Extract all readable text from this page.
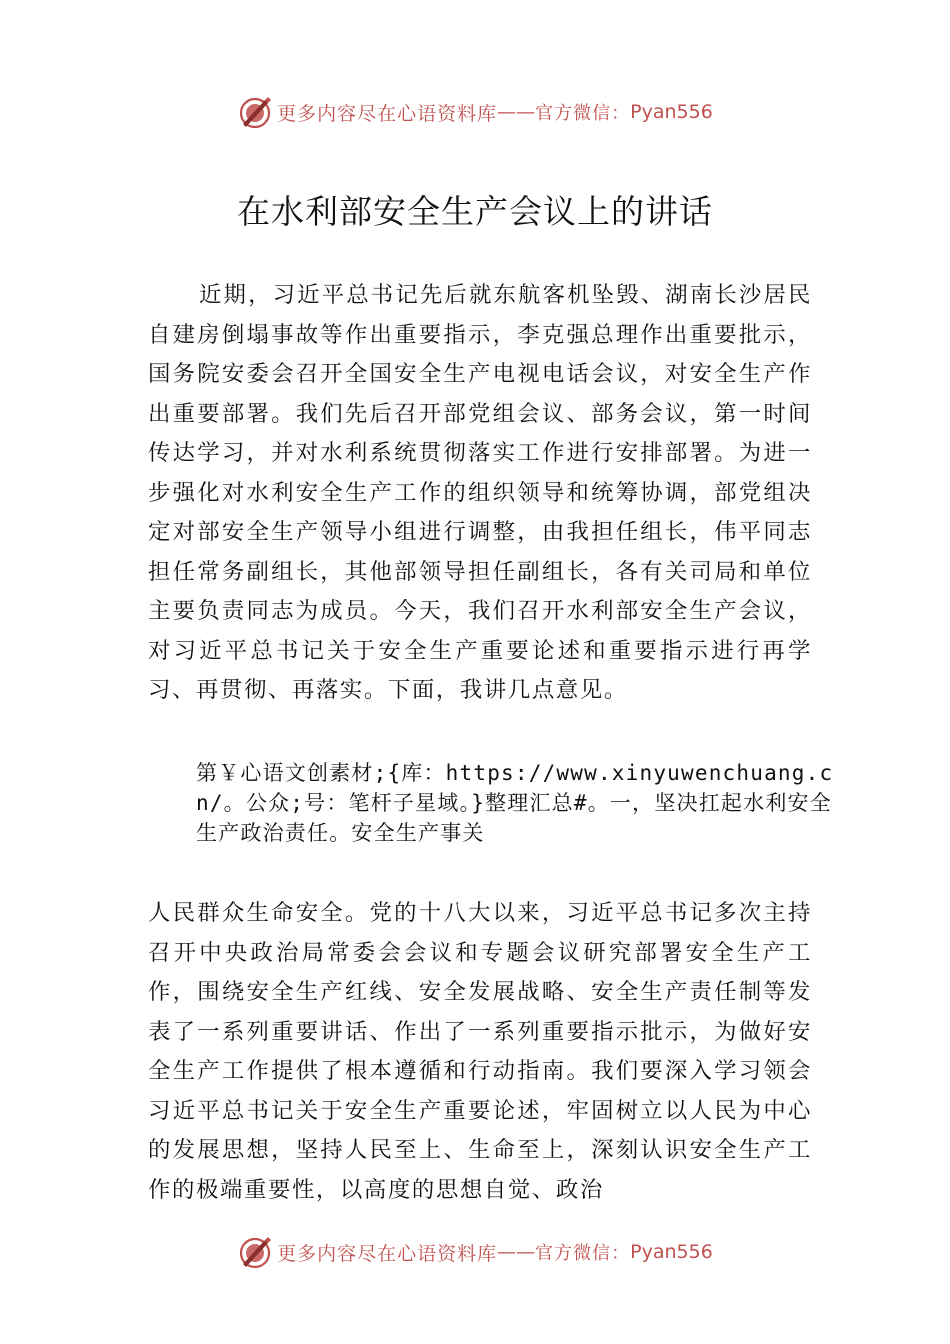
更多内容尽在心语资料库 —— 官方微信： Pyan556
在水利部安全生产会议上的讲话
近期，习近平总书记先后就东航客机坠毁、湖南长沙居民自建房倒塌事故等作出重要指示，李克强总理作出重要批示，国务院安委会召开全国安全生产电视电话会议，对安全生产作出重要部署。我们先后召开部党组会议、部务会议，第一时间传达学习，并对水利系统贯彻落实工作进行安排部署。为进一步强化对水利安全生产工作的组织领导和统筹协调，部党组决定对部安全生产领导小组进行调整，由我担任组长，伟平同志担任常务副组长，其他部领导担任副组长，各有关司局和单位主要负责同志为成员。今天，我们召开水利部安全生产会议，对习近平总书记关于安全生产重要论述和重要指示进行再学习、再贯彻、再落实。下面，我讲几点意见。
第￥心语文创素材;{库：https://www.xinyuwenchuang.cn/。公众;号：笔杆子星域。}整理汇总#。一，坚决扛起水利安全生产政治责任。安全生产事关
人民群众生命安全。党的十八大以来，习近平总书记多次主持召开中央政治局常委会会议和专题会议研究部署安全生产工作，围绕安全生产红线、安全发展战略、安全生产责任制等发表了一系列重要讲话、作出了一系列重要指示批示，为做好安全生产工作提供了根本遵循和行动指南。我们要深入学习领会习近平总书记关于安全生产重要论述，牢固树立以人民为中心的发展思想，坚持人民至上、生命至上，深刻认识安全生产工作的极端重要性，以高度的思想自觉、政治
更多内容尽在心语资料库 —— 官方微信： Pyan556
